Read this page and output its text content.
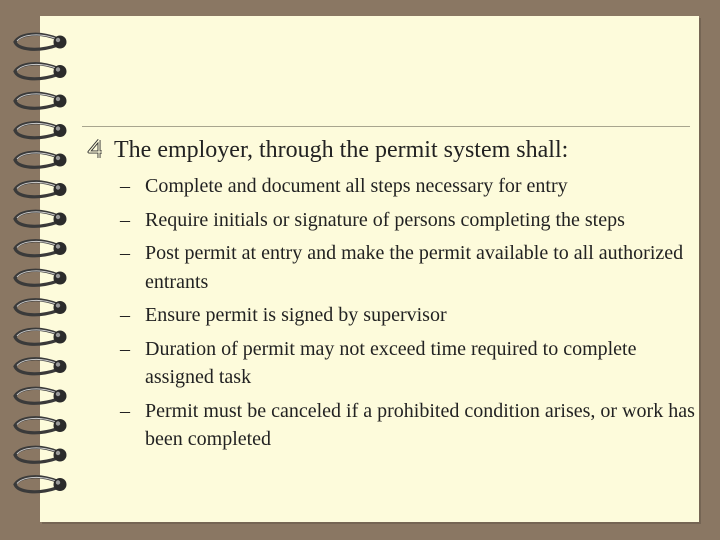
The employer, through the permit system shall:
– Complete and document all steps necessary for entry
– Require initials or signature of persons completing the steps
– Post permit at entry and make the permit available to all authorized entrants
– Ensure permit is signed by supervisor
– Duration of permit may not exceed time required to complete assigned task
– Permit must be canceled if a prohibited condition arises, or work has been completed
